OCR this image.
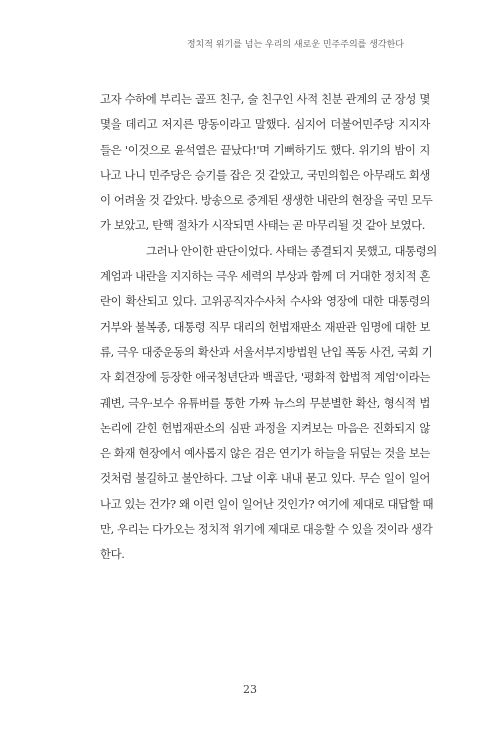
정치적 위기를 넘는 우리의 새로운 민주주의를 생각한다
고자 수하에 부리는 골프 친구, 술 친구인 사적 친분 관계의 군 장성 몇
몇을 데리고 저지른 망동이라고 말했다. 심지어 더불어민주당 지지자
들은 '이것으로 윤석열은 끝났다!'며 기뻐하기도 했다. 위기의 밤이 지
나고 나니 민주당은 승기를 잡은 것 같았고, 국민의힘은 아무래도 회생
이 어려울 것 같았다. 방송으로 중계된 생생한 내란의 현장을 국민 모두
가 보았고, 탄핵 절차가 시작되면 사태는 곧 마무리될 것 같아 보였다.
그러나 안이한 판단이었다. 사태는 종결되지 못했고, 대통령의
계엄과 내란을 지지하는 극우 세력의 부상과 함께 더 거대한 정치적 혼
란이 확산되고 있다. 고위공직자수사처 수사와 영장에 대한 대통령의
거부와 불복종, 대통령 직무 대리의 헌법재판소 재판관 임명에 대한 보
류, 극우 대중운동의 확산과 서울서부지방법원 난입 폭동 사건, 국회 기
자 회견장에 등장한 애국청년단과 백골단, '평화적 합법적 계엄'이라는
궤변, 극우·보수 유튜버를 통한 가짜 뉴스의 무분별한 확산, 형식적 법
논리에 갇힌 헌법재판소의 심판 과정을 지켜보는 마음은 진화되지 않
은 화재 현장에서 예사롭지 않은 검은 연기가 하늘을 뒤덮는 것을 보는
것처럼 불길하고 불안하다. 그날 이후 내내 묻고 있다. 무슨 일이 일어
나고 있는 건가? 왜 이런 일이 일어난 것인가? 여기에 제대로 대답할 때
만, 우리는 다가오는 정치적 위기에 제대로 대응할 수 있을 것이라 생각
한다.
23
